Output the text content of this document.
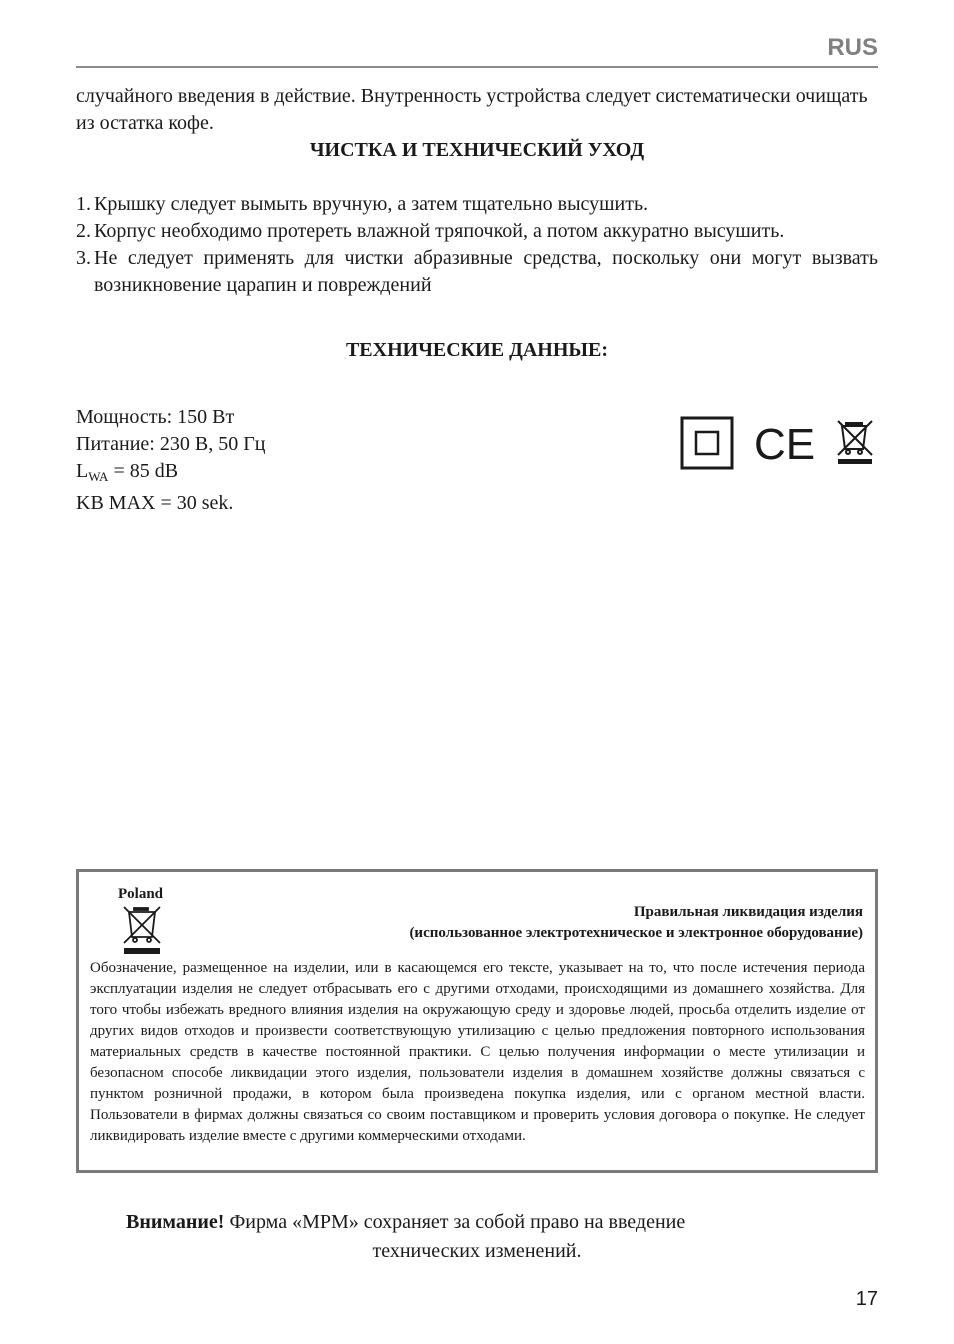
RUS

случайного введения в действие. Внутренность устройства следует систематически очищать из остатка кофе.

ЧИСТКА И ТЕХНИЧЕСКИЙ УХОД

1. Крышку следует вымыть вручную, а затем тщательно высушить.
2. Корпус необходимо протереть влажной тряпочкой, а потом аккуратно высушить.
3. Не следует применять для чистки абразивные средства, поскольку они могут вызвать возникновение царапин и повреждений

ТЕХНИЧЕСКИЕ ДАННЫЕ:

Мощность: 150 Вт
Питание: 230 В, 50 Гц
$L_{WA} = 85$ dB
KB MAX = 30 sek.
CE
Poland
Правильная ликвидация изделия
(использованное электротехническое и электронное оборудование)
Обозначение, размещенное на изделии, или в касающемся его тексте, указывает на то, что после истечения периода эксплуатации изделия не следует отбрасывать его с другими отходами, происходящими из домашнего хозяйства. Для того чтобы избежать вредного влияния изделия на окружающую среду и здоровье людей, просьба отделить изделие от других видов отходов и произвести соответствующую утилизацию с целью предложения повторного использования материальных средств в качестве постоянной практики. С целью получения информации о месте утилизации и безопасном способе ликвидации этого изделия, пользователи изделия в домашнем хозяйстве должны связаться с пунктом розничной продажи, в котором была произведена покупка изделия, или с органом местной власти. Пользователи в фирмах должны связаться со своим поставщиком и проверить условия договора о покупке. Не следует ликвидировать изделие вместе с другими коммерческими отходами.
Внимание! Фирма «MPM» сохраняет за собой право на введение
технических изменений.
17
